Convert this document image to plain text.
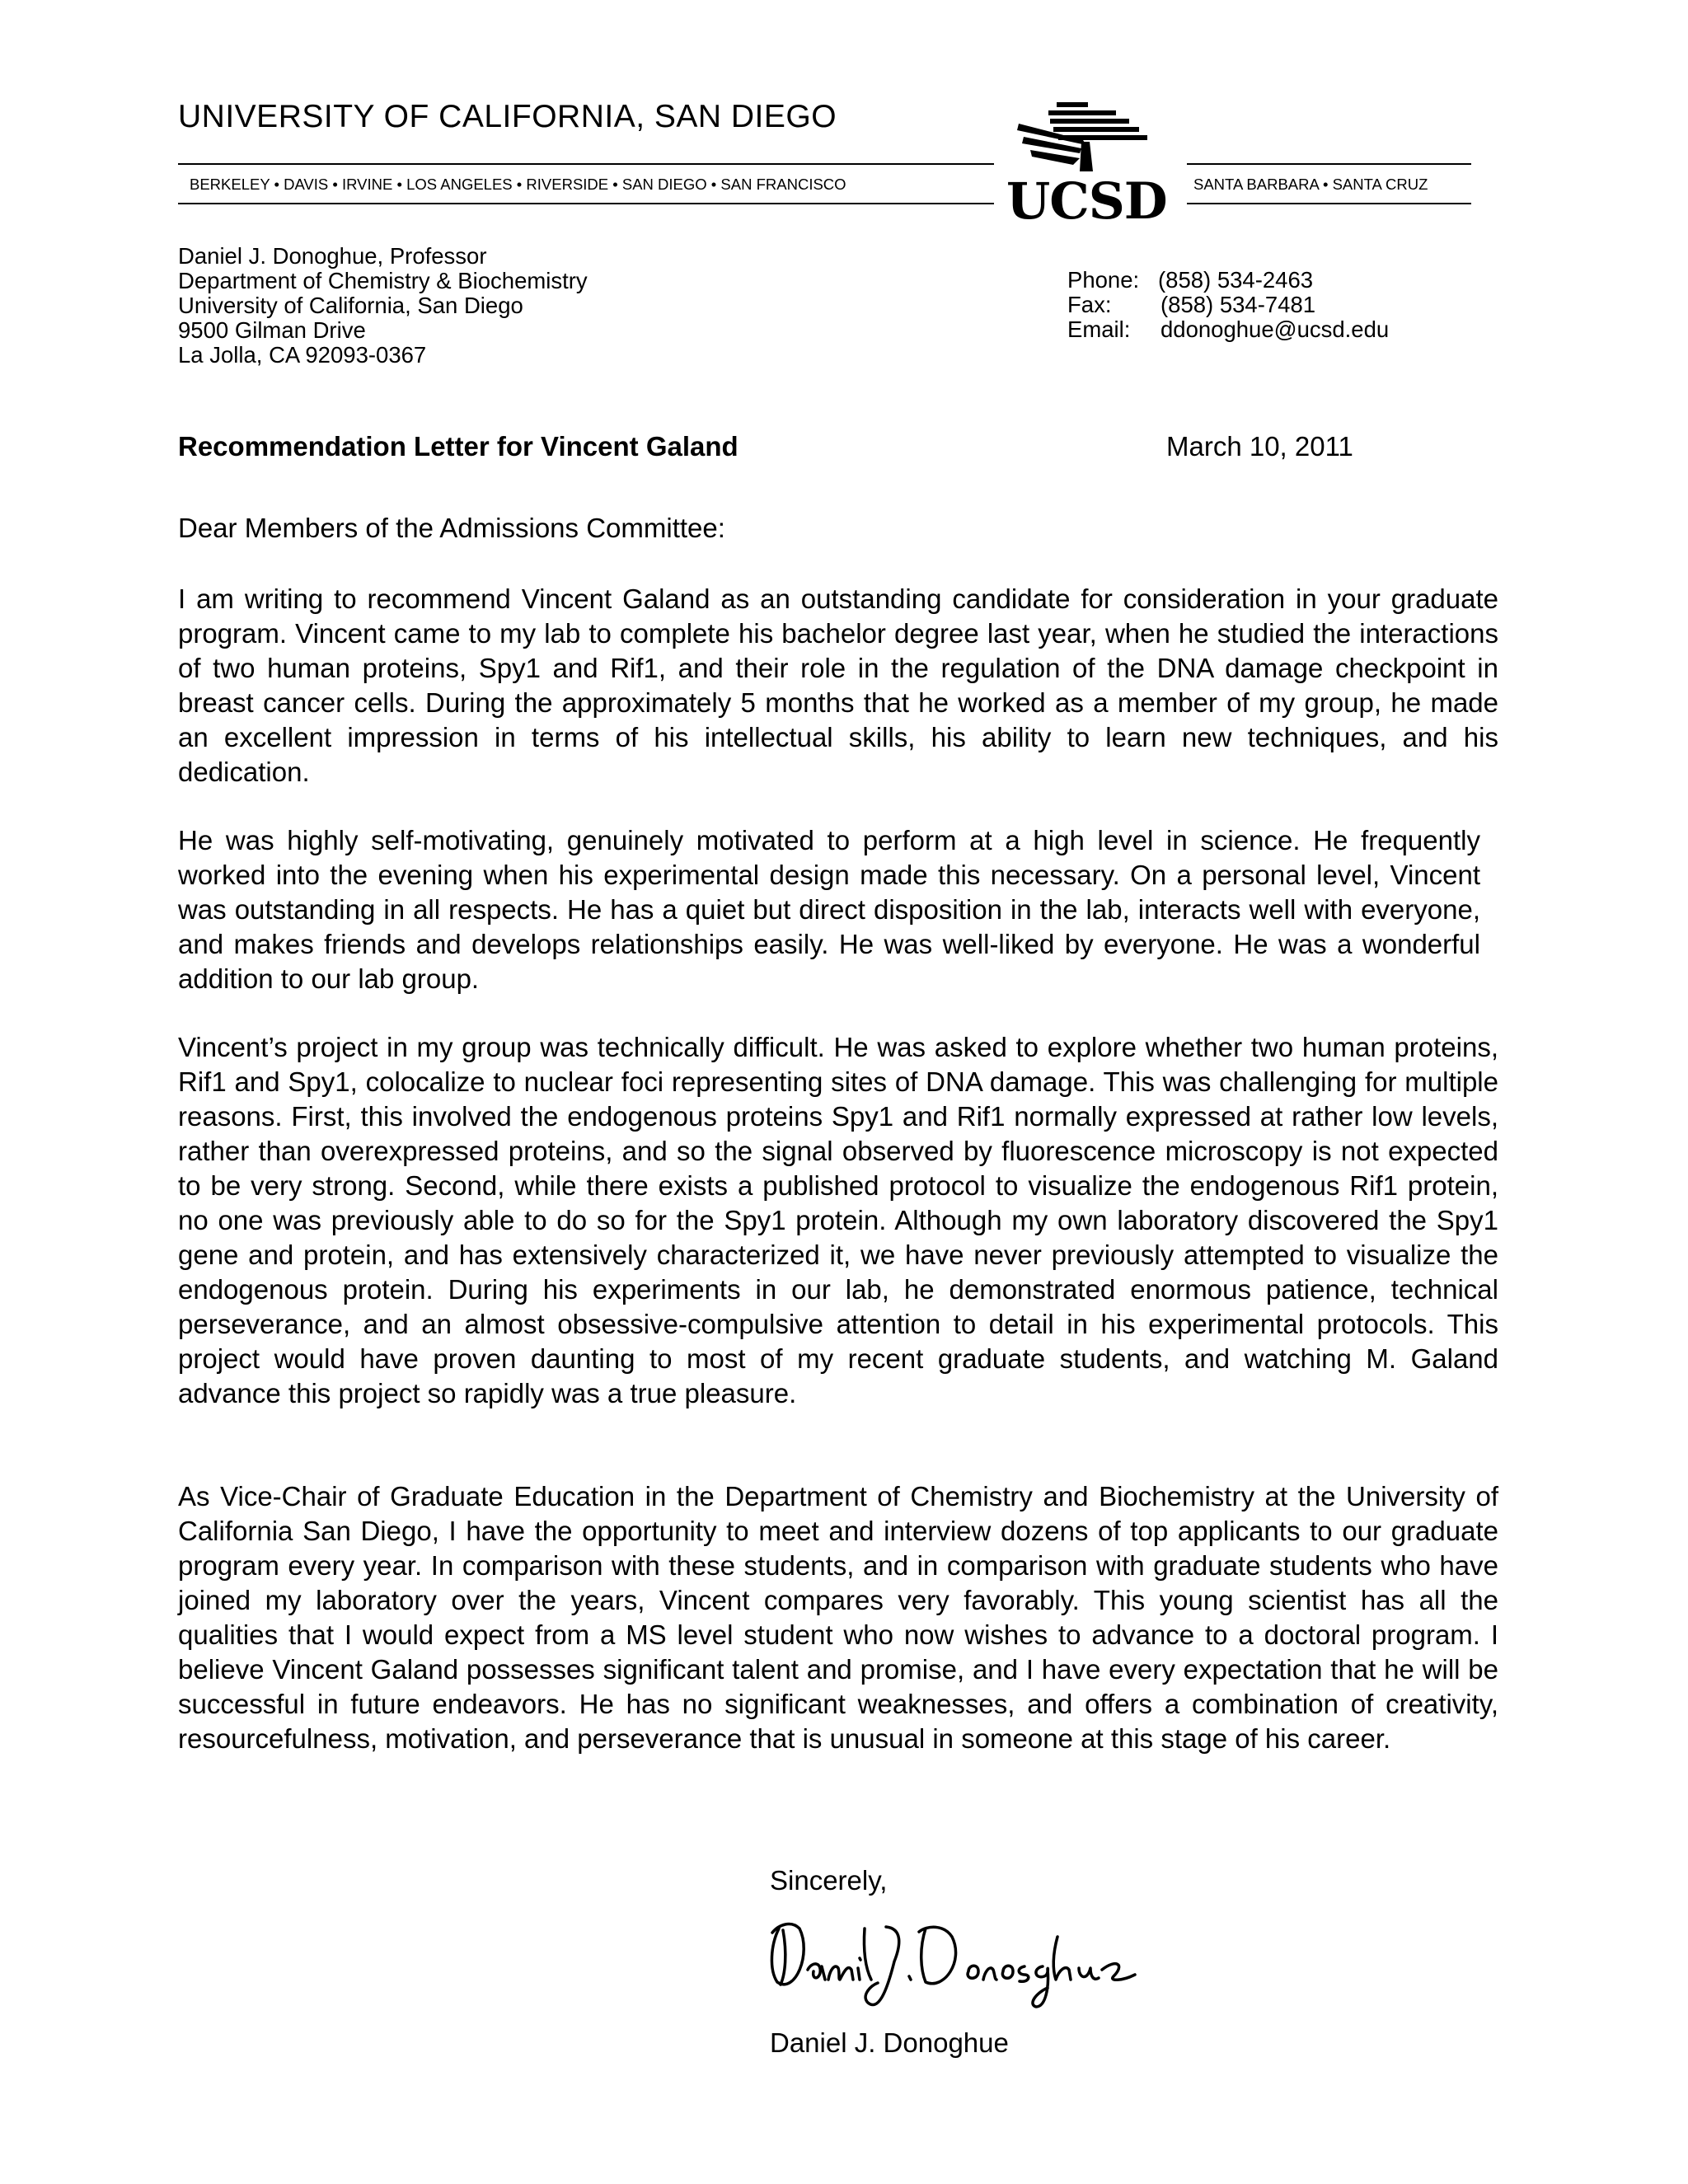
UNIVERSITY OF CALIFORNIA, SAN DIEGO
BERKELEY • DAVIS • IRVINE • LOS ANGELES • RIVERSIDE • SAN DIEGO • SAN FRANCISCO	SANTA BARBARA • SANTA CRUZ
UCSD
Daniel J. Donoghue, Professor
Department of Chemistry & Biochemistry
University of California, San Diego
9500 Gilman Drive
La Jolla, CA 92093-0367
Phone: (858) 534-2463
Fax: (858) 534-7481
Email: ddonoghue@ucsd.edu
Recommendation Letter for Vincent Galand	March 10, 2011
Dear Members of the Admissions Committee:

I am writing to recommend Vincent Galand as an outstanding candidate for consideration in your graduate program. Vincent came to my lab to complete his bachelor degree last year, when he studied the interactions of two human proteins, Spy1 and Rif1, and their role in the regulation of the DNA damage checkpoint in breast cancer cells. During the approximately 5 months that he worked as a member of my group, he made an excellent impression in terms of his intellectual skills, his ability to learn new techniques, and his dedication.

He was highly self-motivating, genuinely motivated to perform at a high level in science. He frequently worked into the evening when his experimental design made this necessary. On a personal level, Vincent was outstanding in all respects. He has a quiet but direct disposition in the lab, interacts well with everyone, and makes friends and develops relationships easily. He was well-liked by everyone. He was a wonderful addition to our lab group.

Vincent’s project in my group was technically difficult. He was asked to explore whether two human proteins, Rif1 and Spy1, colocalize to nuclear foci representing sites of DNA damage. This was challenging for multiple reasons. First, this involved the endogenous proteins Spy1 and Rif1 normally expressed at rather low levels, rather than overexpressed proteins, and so the signal observed by fluorescence microscopy is not expected to be very strong. Second, while there exists a published protocol to visualize the endogenous Rif1 protein, no one was previously able to do so for the Spy1 protein. Although my own laboratory discovered the Spy1 gene and protein, and has extensively characterized it, we have never previously attempted to visualize the endogenous protein. During his experiments in our lab, he demonstrated enormous patience, technical perseverance, and an almost obsessive-compulsive attention to detail in his experimental protocols. This project would have proven daunting to most of my recent graduate students, and watching M. Galand advance this project so rapidly was a true pleasure.

As Vice-Chair of Graduate Education in the Department of Chemistry and Biochemistry at the University of California San Diego, I have the opportunity to meet and interview dozens of top applicants to our graduate program every year. In comparison with these students, and in comparison with graduate students who have joined my laboratory over the years, Vincent compares very favorably. This young scientist has all the qualities that I would expect from a MS level student who now wishes to advance to a doctoral program. I believe Vincent Galand possesses significant talent and promise, and I have every expectation that he will be successful in future endeavors. He has no significant weaknesses, and offers a combination of creativity, resourcefulness, motivation, and perseverance that is unusual in someone at this stage of his career.

Sincerely,
Daniel J. Donoghue
